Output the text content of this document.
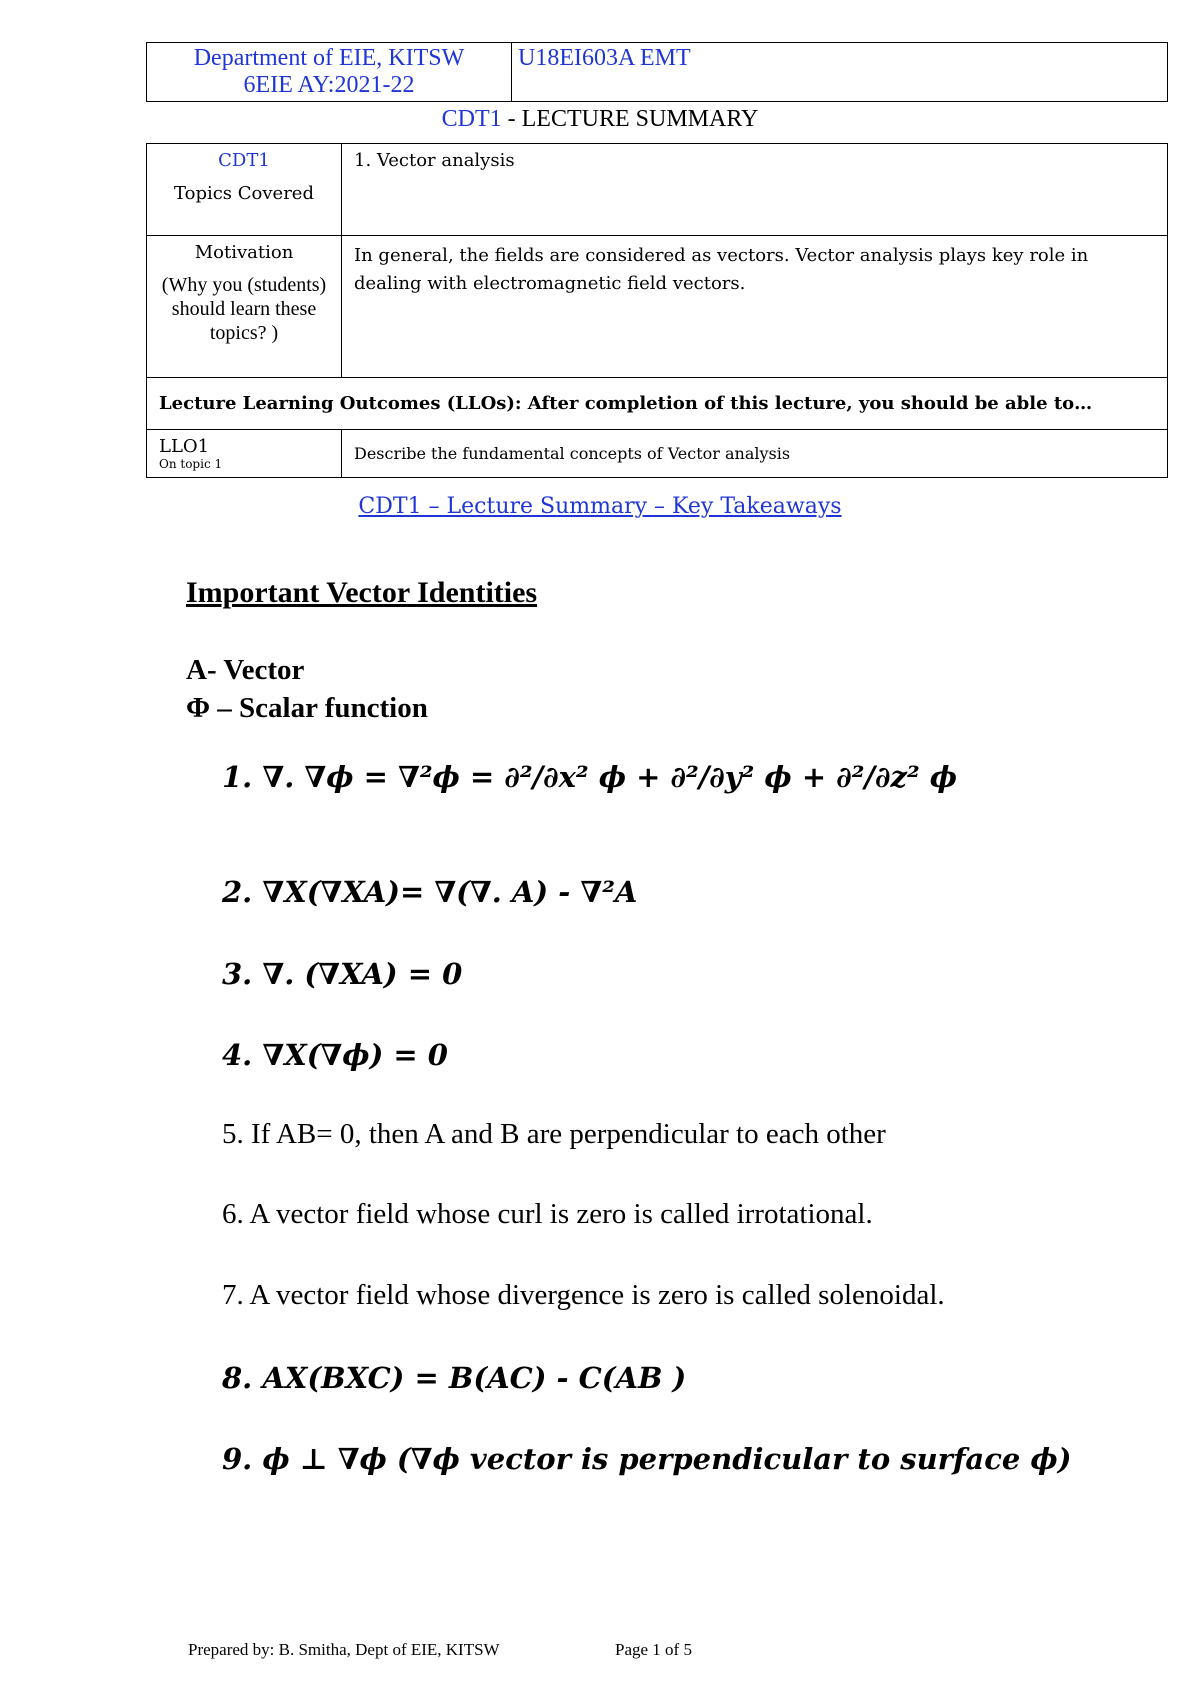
Department of EIE, KITSW
6EIE AY:2021-22
	U18EI603A EMT
CDT1 - LECTURE SUMMARY
CDT1
Topics Covered	1. Vector analysis

Motivation
(Why you (students) should learn these topics? )	In general, the fields are considered as vectors. Vector analysis plays key role in dealing with electromagnetic field vectors.
Lecture Learning Outcomes (LLOs): After completion of this lecture, you should be able to…	

LLO1
On topic 1	Describe the fundamental concepts of Vector analysis
CDT1 – Lecture Summary – Key Takeaways
Important Vector Identities
A- Vector
Φ – Scalar function
1. ∇. ∇ϕ = ∇²ϕ = ∂²/∂x² ϕ + ∂²/∂y² ϕ + ∂²/∂z² ϕ
2. ∇X(∇XA)= ∇(∇. A) - ∇²A
3. ∇. (∇XA) = 0
4. ∇X(∇ϕ) = 0
5. If AB= 0, then A and B are perpendicular to each other
6. A vector field whose curl is zero is called irrotational.
7. A vector field whose divergence is zero is called solenoidal.
8. AX(BXC) = B(AC) - C(AB )
9. ϕ ⊥ ∇ϕ (∇ϕ vector is perpendicular to surface ϕ)
Prepared by: B. Smitha, Dept of EIE, KITSW	Page 1 of 5
